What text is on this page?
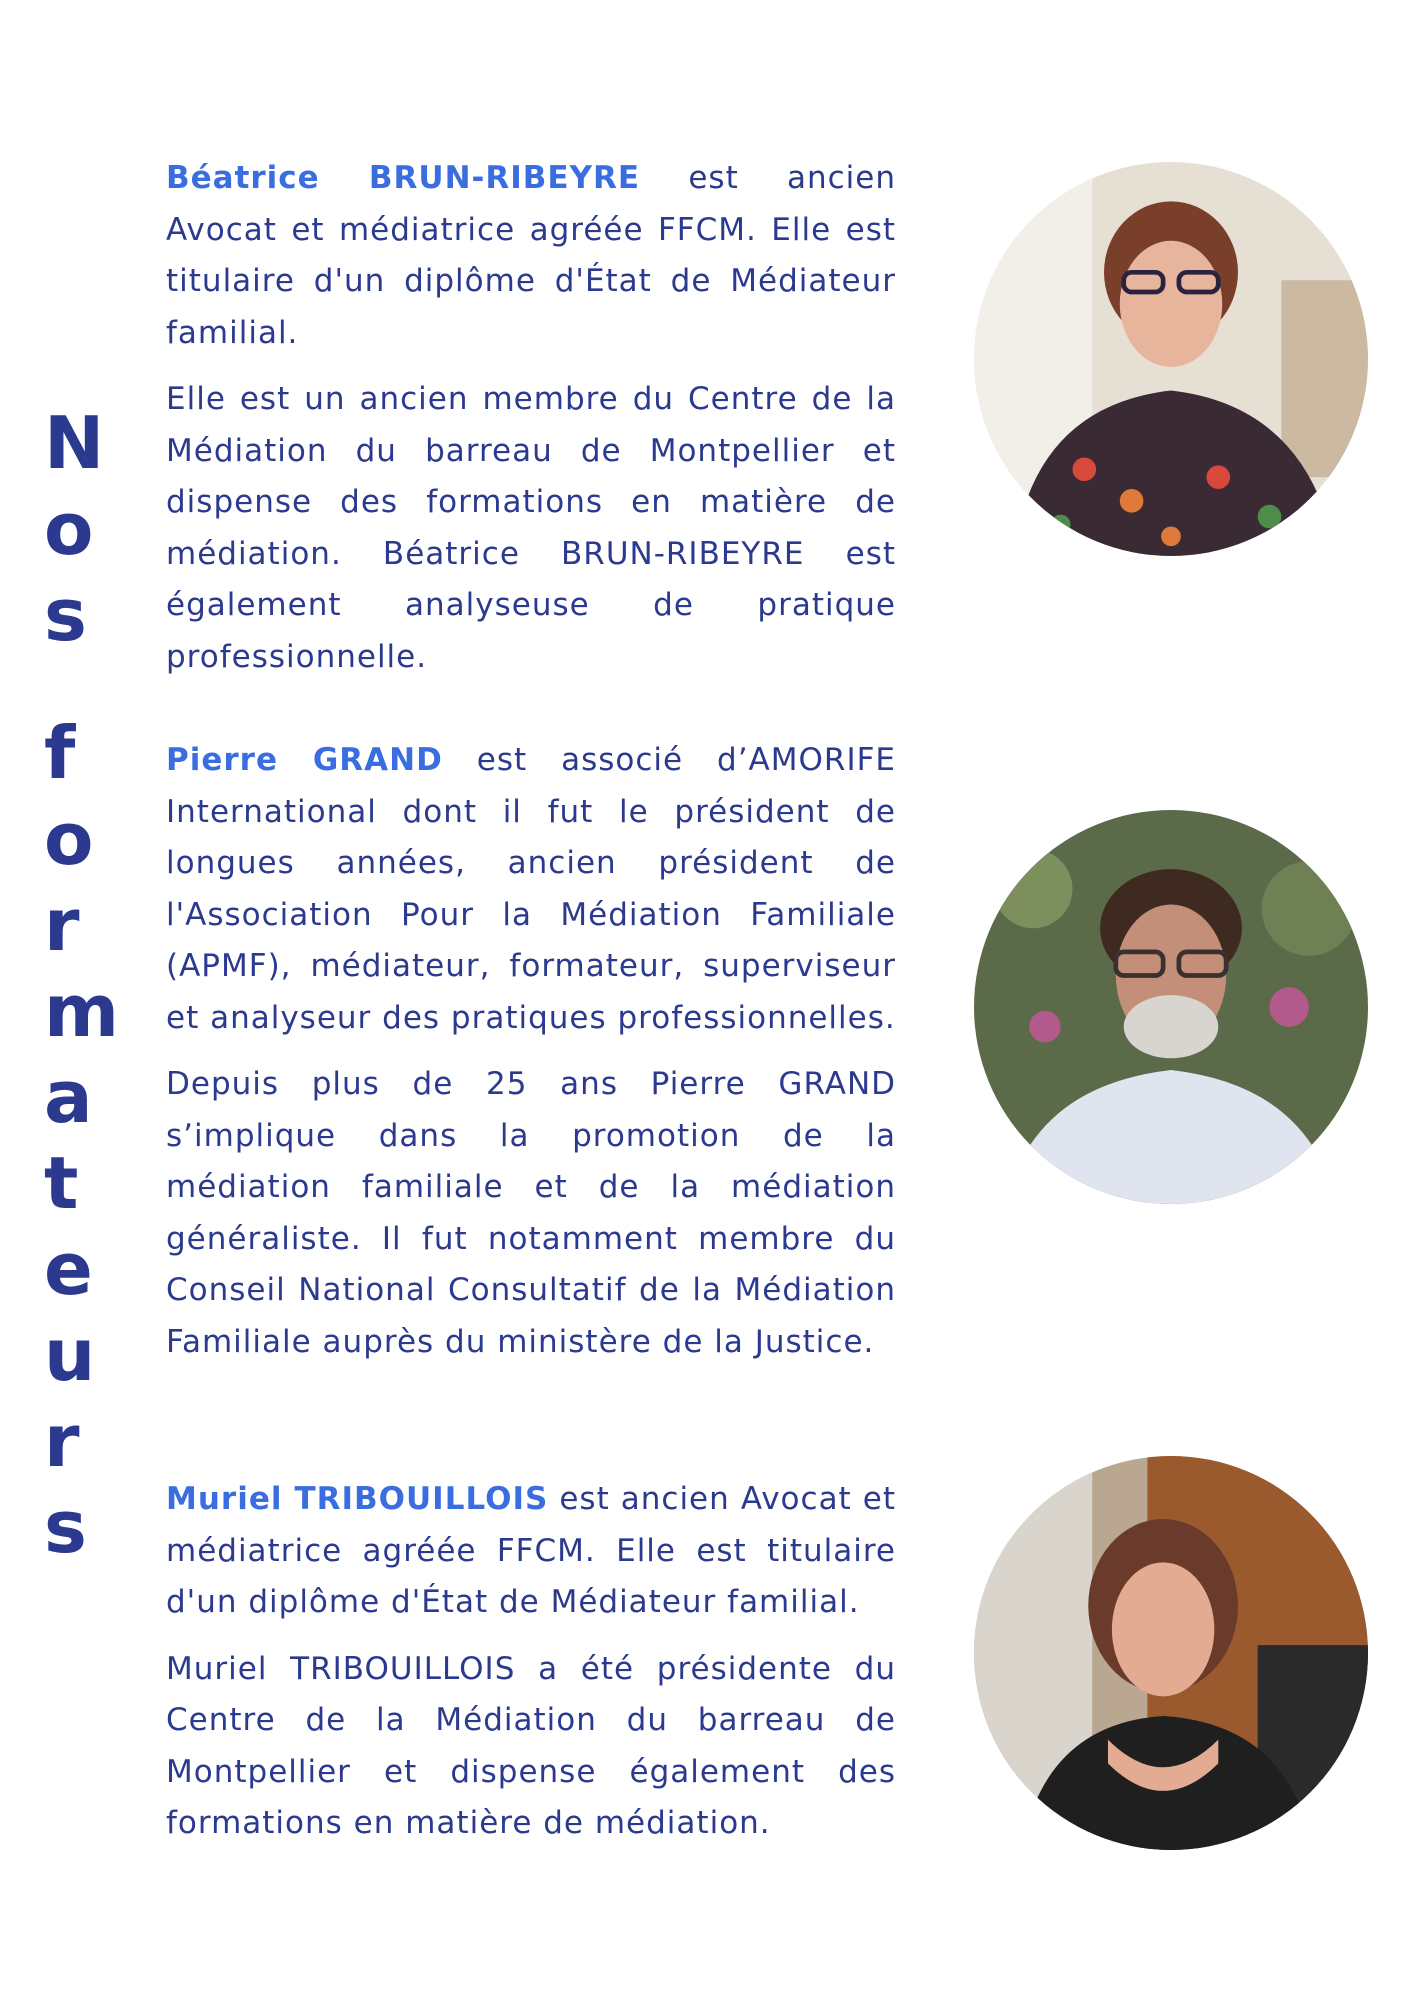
N
o
s
f
o
r
m
a
t
e
u
r
s

Béatrice BRUN-RIBEYRE est ancien Avocat et médiatrice agréée FFCM. Elle est titulaire d'un diplôme d'État de Médiateur familial.

Elle est un ancien membre du Centre de la Médiation du barreau de Montpellier et dispense des formations en matière de médiation. Béatrice BRUN-RIBEYRE est également analyseuse de pratique professionnelle.

Pierre GRAND est associé d’AMORIFE International dont il fut le président de longues années, ancien président de l'Association Pour la Médiation Familiale (APMF), médiateur, formateur, superviseur et analyseur des pratiques professionnelles.

Depuis plus de 25 ans Pierre GRAND s’implique dans la promotion de la médiation familiale et de la médiation généraliste. Il fut notamment membre du Conseil National Consultatif de la Médiation Familiale auprès du ministère de la Justice.

Muriel TRIBOUILLOIS est ancien Avocat et médiatrice agréée FFCM. Elle est titulaire d'un diplôme d'État de Médiateur familial.

Muriel TRIBOUILLOIS a été présidente du Centre de la Médiation du barreau de Montpellier et dispense également des formations en matière de médiation.
